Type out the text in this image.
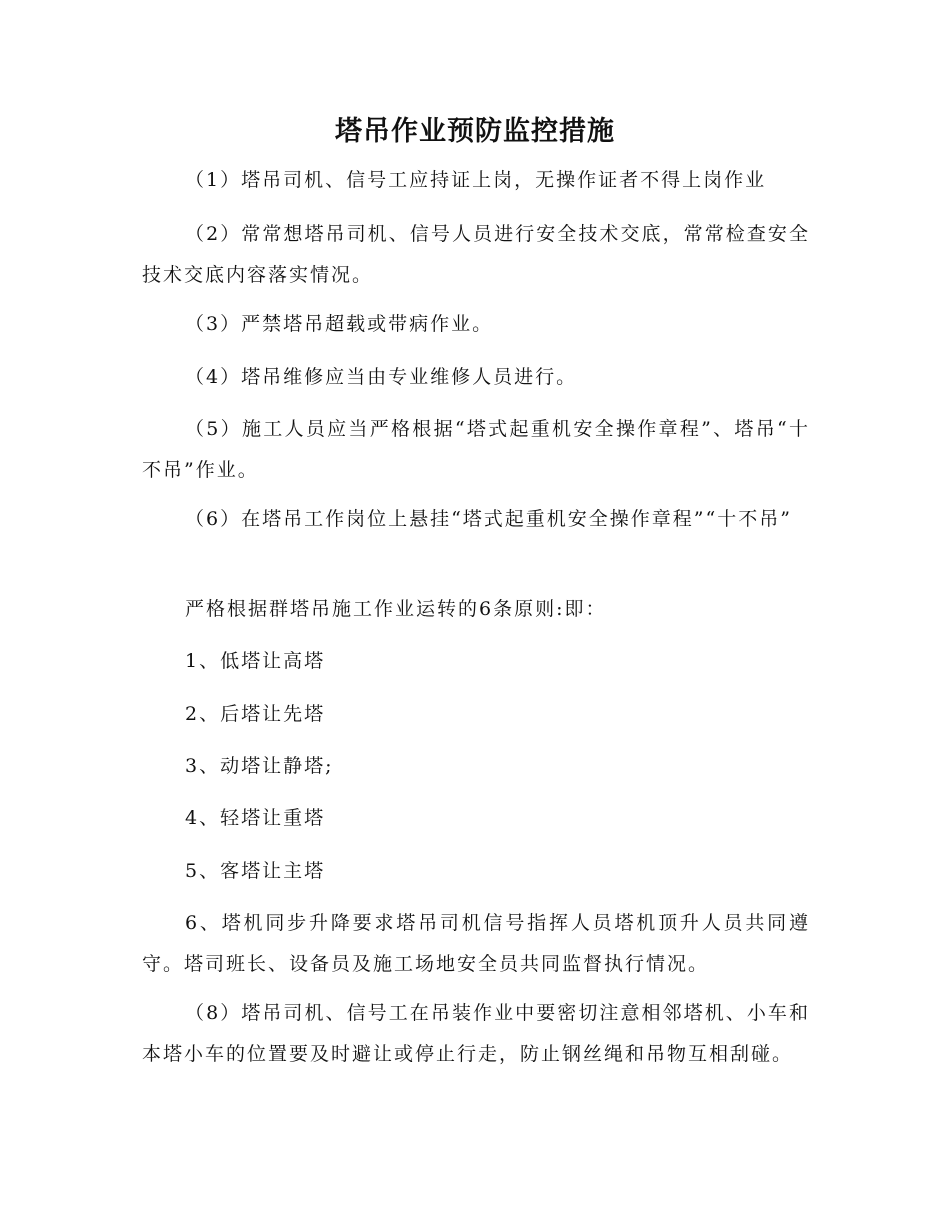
塔吊作业预防监控措施
（1）塔吊司机、信号工应持证上岗，无操作证者不得上岗作业
（2）常常想塔吊司机、信号人员进行安全技术交底，常常检查安全技术交底内容落实情况。
（3）严禁塔吊超载或带病作业。
（4）塔吊维修应当由专业维修人员进行。
（5）施工人员应当严格根据“塔式起重机安全操作章程”、塔吊“十不吊”作业。
（6）在塔吊工作岗位上悬挂“塔式起重机安全操作章程”“十不吊”
严格根据群塔吊施工作业运转的6条原则:即：
1、低塔让高塔
2、后塔让先塔
3、动塔让静塔;
4、轻塔让重塔
5、客塔让主塔
6、塔机同步升降要求塔吊司机信号指挥人员塔机顶升人员共同遵守。塔司班长、设备员及施工场地安全员共同监督执行情况。
（8）塔吊司机、信号工在吊装作业中要密切注意相邻塔机、小车和本塔小车的位置要及时避让或停止行走，防止钢丝绳和吊物互相刮碰。
